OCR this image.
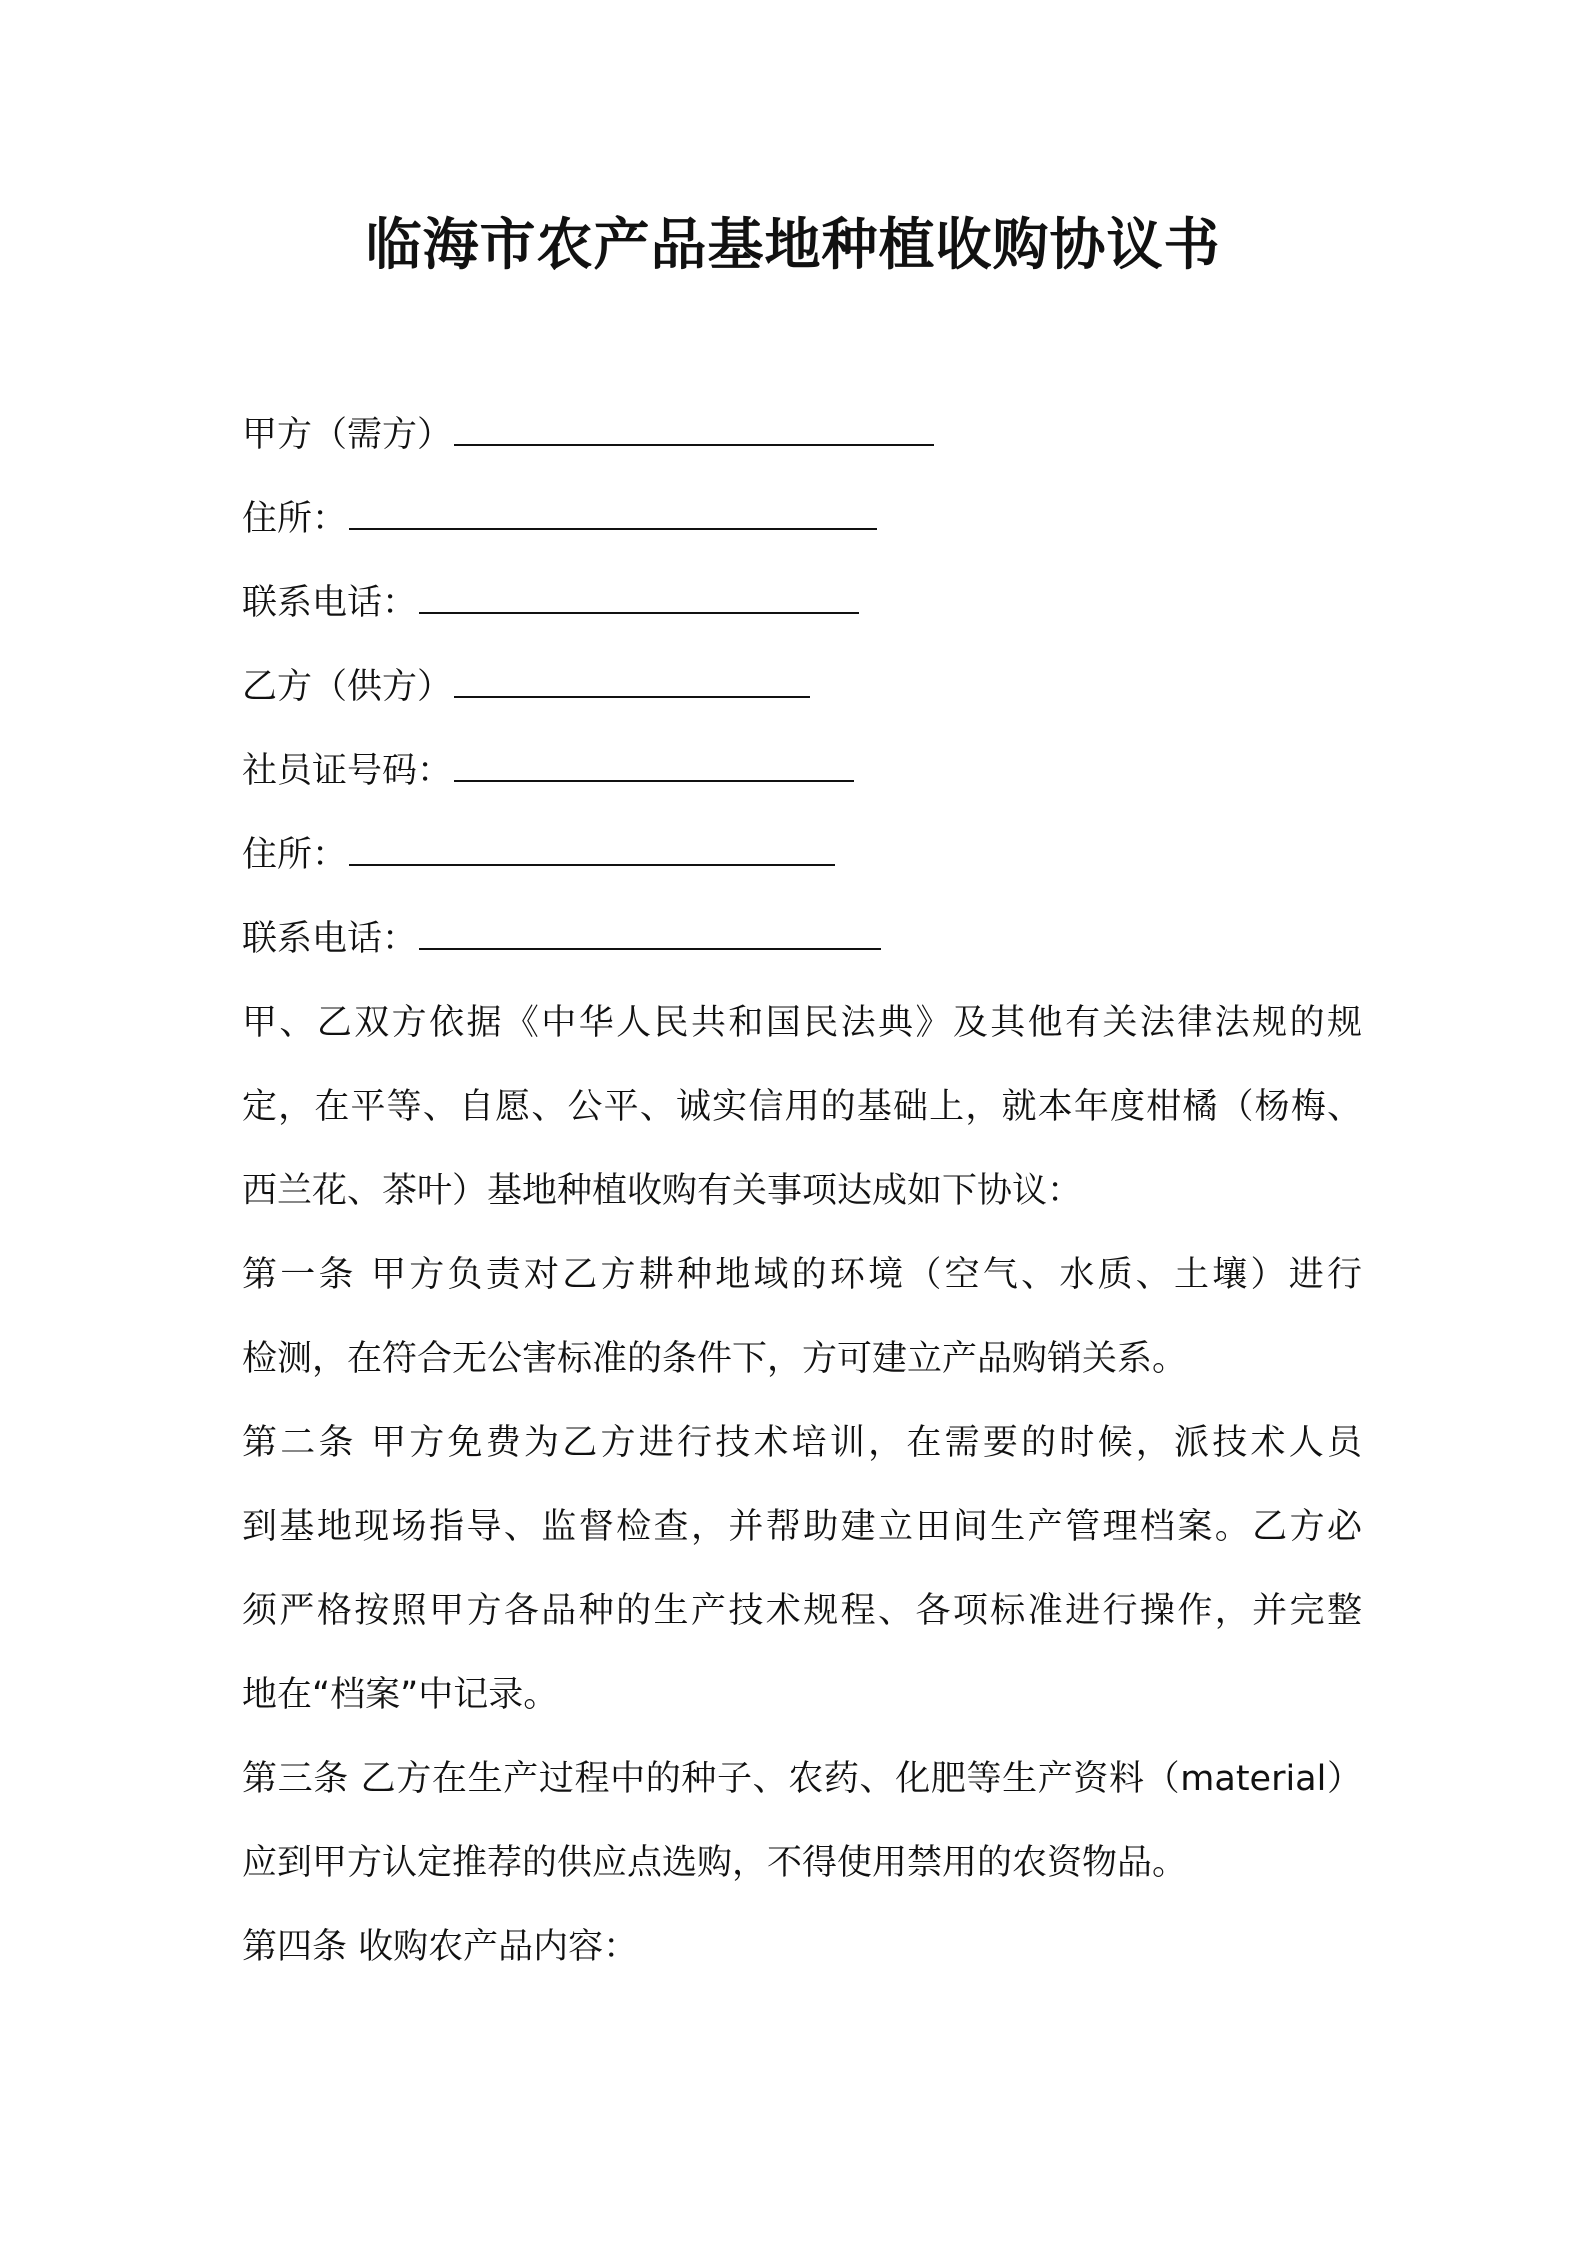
临海市农产品基地种植收购协议书
甲方（需方）
住所：
联系电话：
乙方（供方）
社员证号码：
住所：
联系电话：
甲、乙双方依据《中华人民共和国民法典》及其他有关法律法规的规
定，在平等、自愿、公平、诚实信用的基础上，就本年度柑橘（杨梅、
西兰花、茶叶）基地种植收购有关事项达成如下协议：
第一条 甲方负责对乙方耕种地域的环境（空气、水质、土壤）进行
检测，在符合无公害标准的条件下，方可建立产品购销关系。
第二条 甲方免费为乙方进行技术培训，在需要的时候，派技术人员
到基地现场指导、监督检查，并帮助建立田间生产管理档案。乙方必
须严格按照甲方各品种的生产技术规程、各项标准进行操作，并完整
地在“档案”中记录。
第三条 乙方在生产过程中的种子、农药、化肥等生产资料（material）
应到甲方认定推荐的供应点选购，不得使用禁用的农资物品。
第四条 收购农产品内容：
